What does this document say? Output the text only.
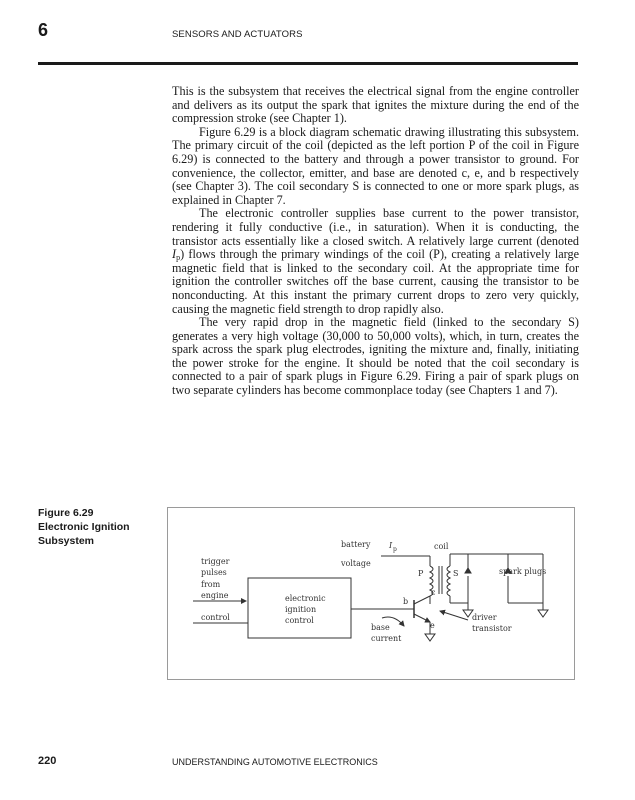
6	SENSORS AND ACTUATORS

This is the subsystem that receives the electrical signal from the engine controller and delivers as its output the spark that ignites the mixture during the end of the compression stroke (see Chapter 1).

Figure 6.29 is a block diagram schematic drawing illustrating this subsystem. The primary circuit of the coil (depicted as the left portion P of the coil in Figure 6.29) is connected to the battery and through a power transistor to ground. For convenience, the collector, emitter, and base are denoted c, e, and b respectively (see Chapter 3). The coil secondary S is connected to one or more spark plugs, as explained in Chapter 7.

The electronic controller supplies base current to the power transistor, rendering it fully conductive (i.e., in saturation). When it is conducting, the transistor acts essentially like a closed switch. A relatively large current (denoted $I_p$) flows through the primary windings of the coil (P), creating a relatively large magnetic field that is linked to the secondary coil. At the appropriate time for ignition the controller switches off the base current, causing the transistor to be nonconducting. At this instant the primary current drops to zero very quickly, causing the magnetic field strength to drop rapidly also.

The very rapid drop in the magnetic field (linked to the secondary S) generates a very high voltage (30,000 to 50,000 volts), which, in turn, creates the spark across the spark plug electrodes, igniting the mixture and, finally, initiating the power stroke for the engine. It should be noted that the coil secondary is connected to a pair of spark plugs in Figure 6.29. Firing a pair of spark plugs on two separate cylinders has become commonplace today (see Chapters 1 and 7).

Figure 6.29
Electronic Ignition
Subsystem	battery
voltage
I p	coil
P	S	spark plugs
trigger
pulses
from
engine
control
electronic
ignition
control
base
current
b
c
e
driver
transistor
220	UNDERSTANDING AUTOMOTIVE ELECTRONICS
